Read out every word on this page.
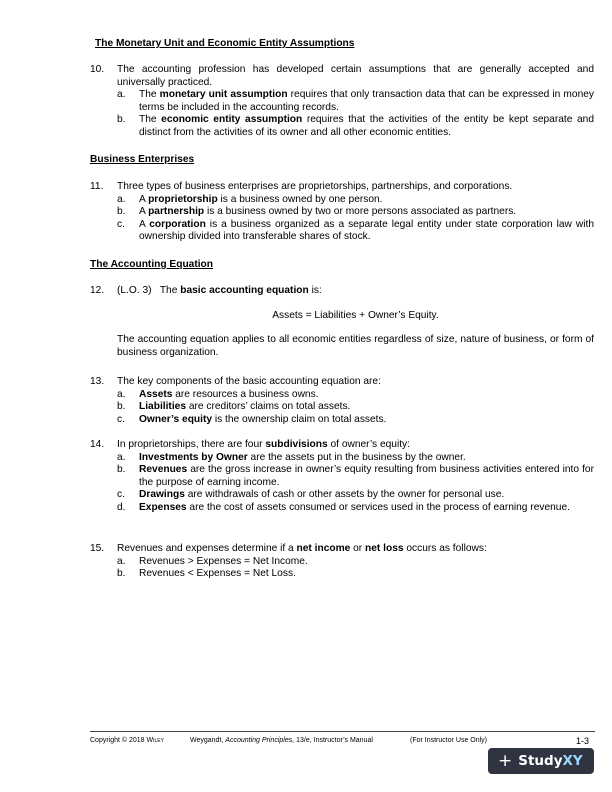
The Monetary Unit and Economic Entity Assumptions
10.	The accounting profession has developed certain assumptions that are generally accepted and universally practiced.
a. The monetary unit assumption requires that only transaction data that can be expressed in money terms be included in the accounting records.
b. The economic entity assumption requires that the activities of the entity be kept separate and distinct from the activities of its owner and all other economic entities.
Business Enterprises
11.	Three types of business enterprises are proprietorships, partnerships, and corporations.
a. A proprietorship is a business owned by one person.
b. A partnership is a business owned by two or more persons associated as partners.
c. A corporation is a business organized as a separate legal entity under state corporation law with ownership divided into transferable shares of stock.
The Accounting Equation
12.	(L.O. 3)   The basic accounting equation is:
Assets = Liabilities + Owner’s Equity.
The accounting equation applies to all economic entities regardless of size, nature of business, or form of business organization.
13.	The key components of the basic accounting equation are:
a. Assets are resources a business owns.
b. Liabilities are creditors’ claims on total assets.
c. Owner’s equity is the ownership claim on total assets.
14.	In proprietorships, there are four subdivisions of owner’s equity:
a. Investments by Owner are the assets put in the business by the owner.
b. Revenues are the gross increase in owner’s equity resulting from business activities entered into for the purpose of earning income.
c. Drawings are withdrawals of cash or other assets by the owner for personal use.
d. Expenses are the cost of assets consumed or services used in the process of earning revenue.
15.	Revenues and expenses determine if a net income or net loss occurs as follows:
a. Revenues > Expenses = Net Income.
b. Revenues < Expenses = Net Loss.
Copyright © 2018 Wiley	Weygandt, Accounting Principles, 13/e, Instructor’s Manual	(For Instructor Use Only)	1-3
+ Study XY
